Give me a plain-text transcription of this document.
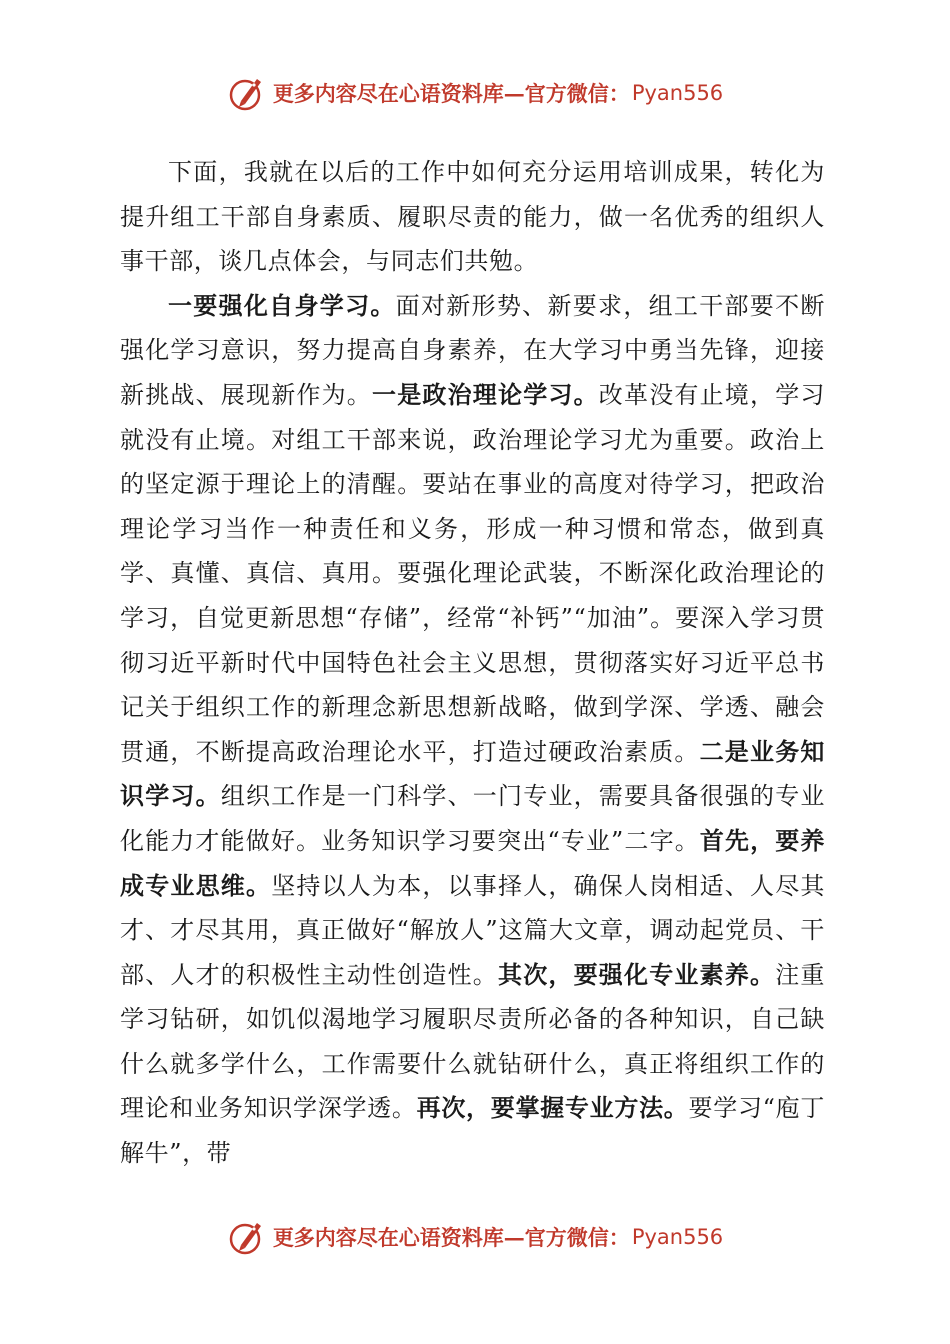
更多内容尽在心语资料库—官方微信： Pyan556

下面，我就在以后的工作中如何充分运用培训成果，转化为提升组工干部自身素质、履职尽责的能力，做一名优秀的组织人事干部，谈几点体会，与同志们共勉。

一要强化自身学习。面对新形势、新要求，组工干部要不断强化学习意识，努力提高自身素养，在大学习中勇当先锋，迎接新挑战、展现新作为。一是政治理论学习。改革没有止境，学习就没有止境。对组工干部来说，政治理论学习尤为重要。政治上的坚定源于理论上的清醒。要站在事业的高度对待学习，把政治理论学习当作一种责任和义务，形成一种习惯和常态，做到真学、真懂、真信、真用。要强化理论武装，不断深化政治理论的学习，自觉更新思想“存储”，经常“补钙”“加油”。要深入学习贯彻习近平新时代中国特色社会主义思想，贯彻落实好习近平总书记关于组织工作的新理念新思想新战略，做到学深、学透、融会贯通，不断提高政治理论水平，打造过硬政治素质。二是业务知识学习。组织工作是一门科学、一门专业，需要具备很强的专业化能力才能做好。业务知识学习要突出“专业”二字。首先，要养成专业思维。坚持以人为本，以事择人，确保人岗相适、人尽其才、才尽其用，真正做好“解放人”这篇大文章，调动起党员、干部、人才的积极性主动性创造性。其次，要强化专业素养。注重学习钻研，如饥似渴地学习履职尽责所必备的各种知识，自己缺什么就多学什么，工作需要什么就钻研什么，真正将组织工作的理论和业务知识学深学透。再次，要掌握专业方法。要学习“庖丁解牛”，带

更多内容尽在心语资料库—官方微信： Pyan556
